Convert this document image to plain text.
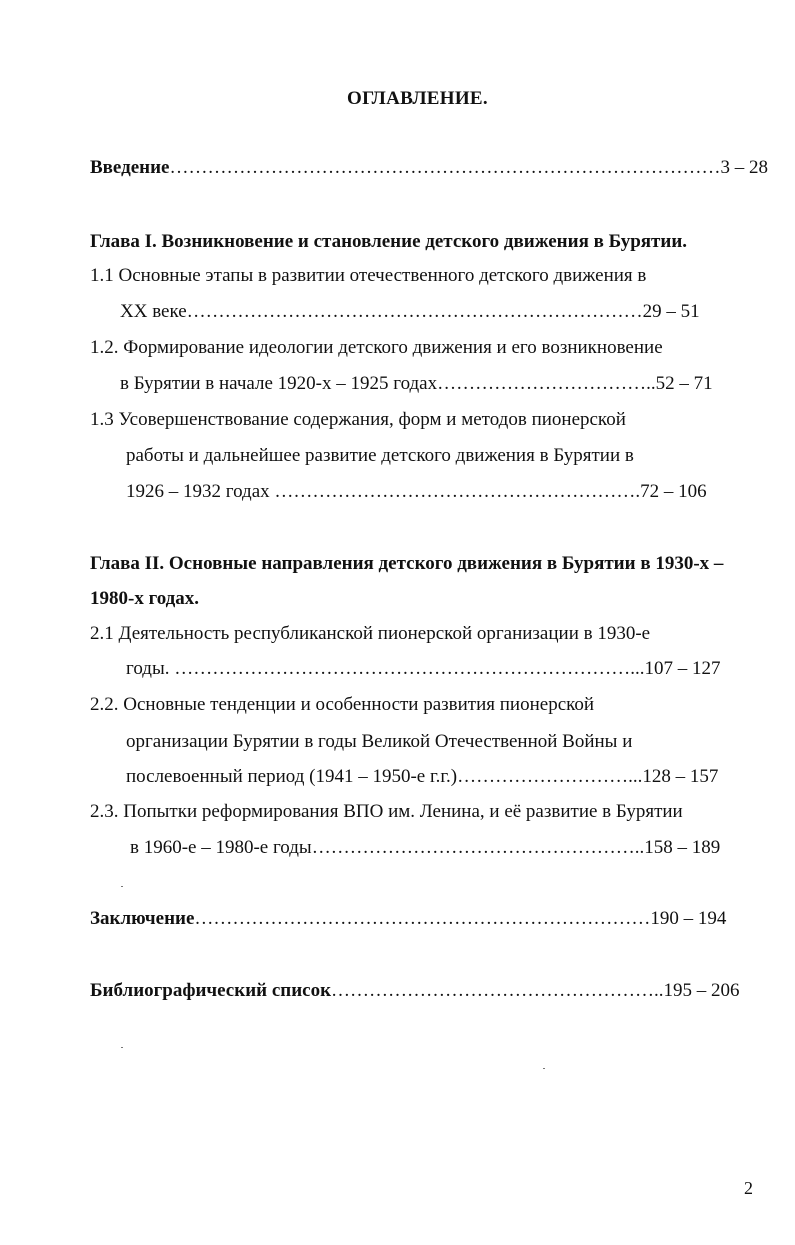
ОГЛАВЛЕНИЕ.
Введение……………………………………………………………………………3 – 28
Глава I. Возникновение и становление детского движения в Бурятии.
1.1 Основные этапы в развитии отечественного детского движения в
XX веке………………………………………………………………29 – 51
1.2. Формирование идеологии детского движения и его возникновение
в Бурятии в начале 1920-х – 1925 годах……………………………..52 – 71
1.3 Усовершенствование содержания, форм и методов пионерской
работы и дальнейшее развитие детского движения в Бурятии в
1926 – 1932 годах ………………………………………………….72 – 106
Глава II. Основные направления детского движения в Бурятии в 1930-х –
1980-х годах.
2.1 Деятельность республиканской пионерской организации в 1930-е
годы. ………………………………………………………………...107 – 127
2.2. Основные тенденции и особенности развития пионерской
организации Бурятии в годы Великой Отечественной Войны и
послевоенный период (1941 – 1950-е г.г.)………………………...128 – 157
2.3. Попытки реформирования ВПО им. Ленина, и её развитие в Бурятии
в 1960-е – 1980-е годы……………………………………………..158 – 189
Заключение………………………………………………………………190 – 194
Библиографический список……………………………………………..195 – 206
2
